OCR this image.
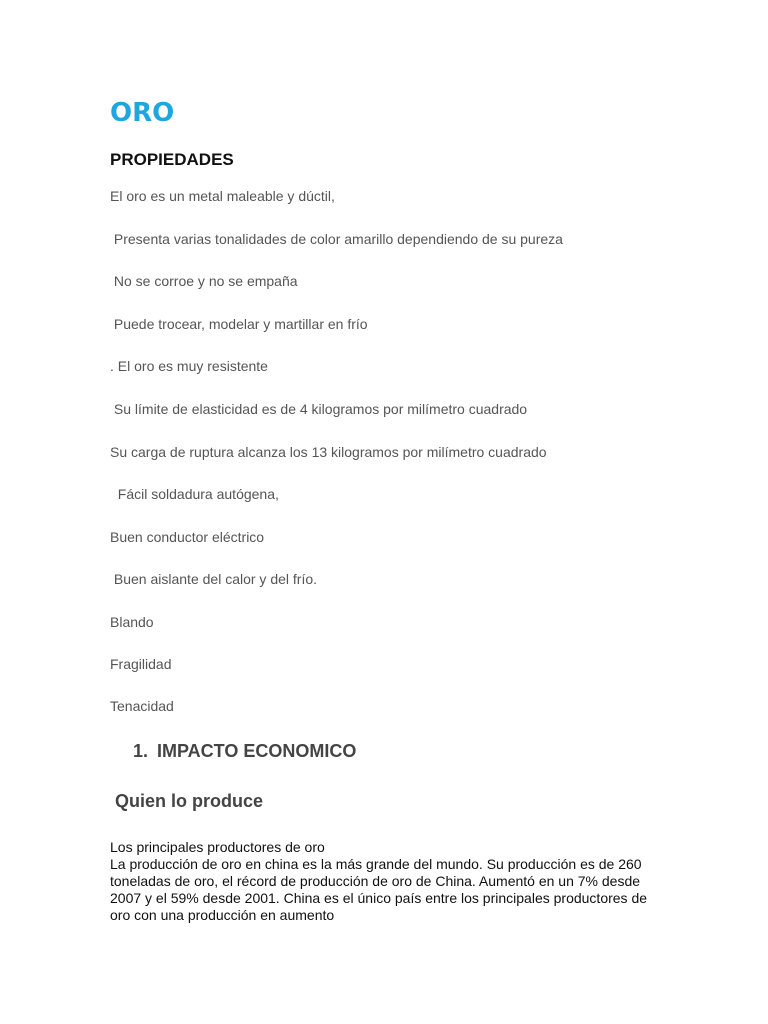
ORO
PROPIEDADES

El oro es un metal maleable y dúctil,

Presenta varias tonalidades de color amarillo dependiendo de su pureza

No se corroe y no se empaña

Puede trocear, modelar y martillar en frío

. El oro es muy resistente

Su límite de elasticidad es de 4 kilogramos por milímetro cuadrado

Su carga de ruptura alcanza los 13 kilogramos por milímetro cuadrado

Fácil soldadura autógena,

Buen conductor eléctrico

Buen aislante del calor y del frío.

Blando

Fragilidad

Tenacidad

1. IMPACTO ECONOMICO
Quien lo produce

Los principales productores de oro

La producción de oro en china es la más grande del mundo. Su producción es de 260 toneladas de oro, el récord de producción de oro de China. Aumentó en un 7% desde 2007 y el 59% desde 2001. China es el único país entre los principales productores de oro con una producción en aumento
